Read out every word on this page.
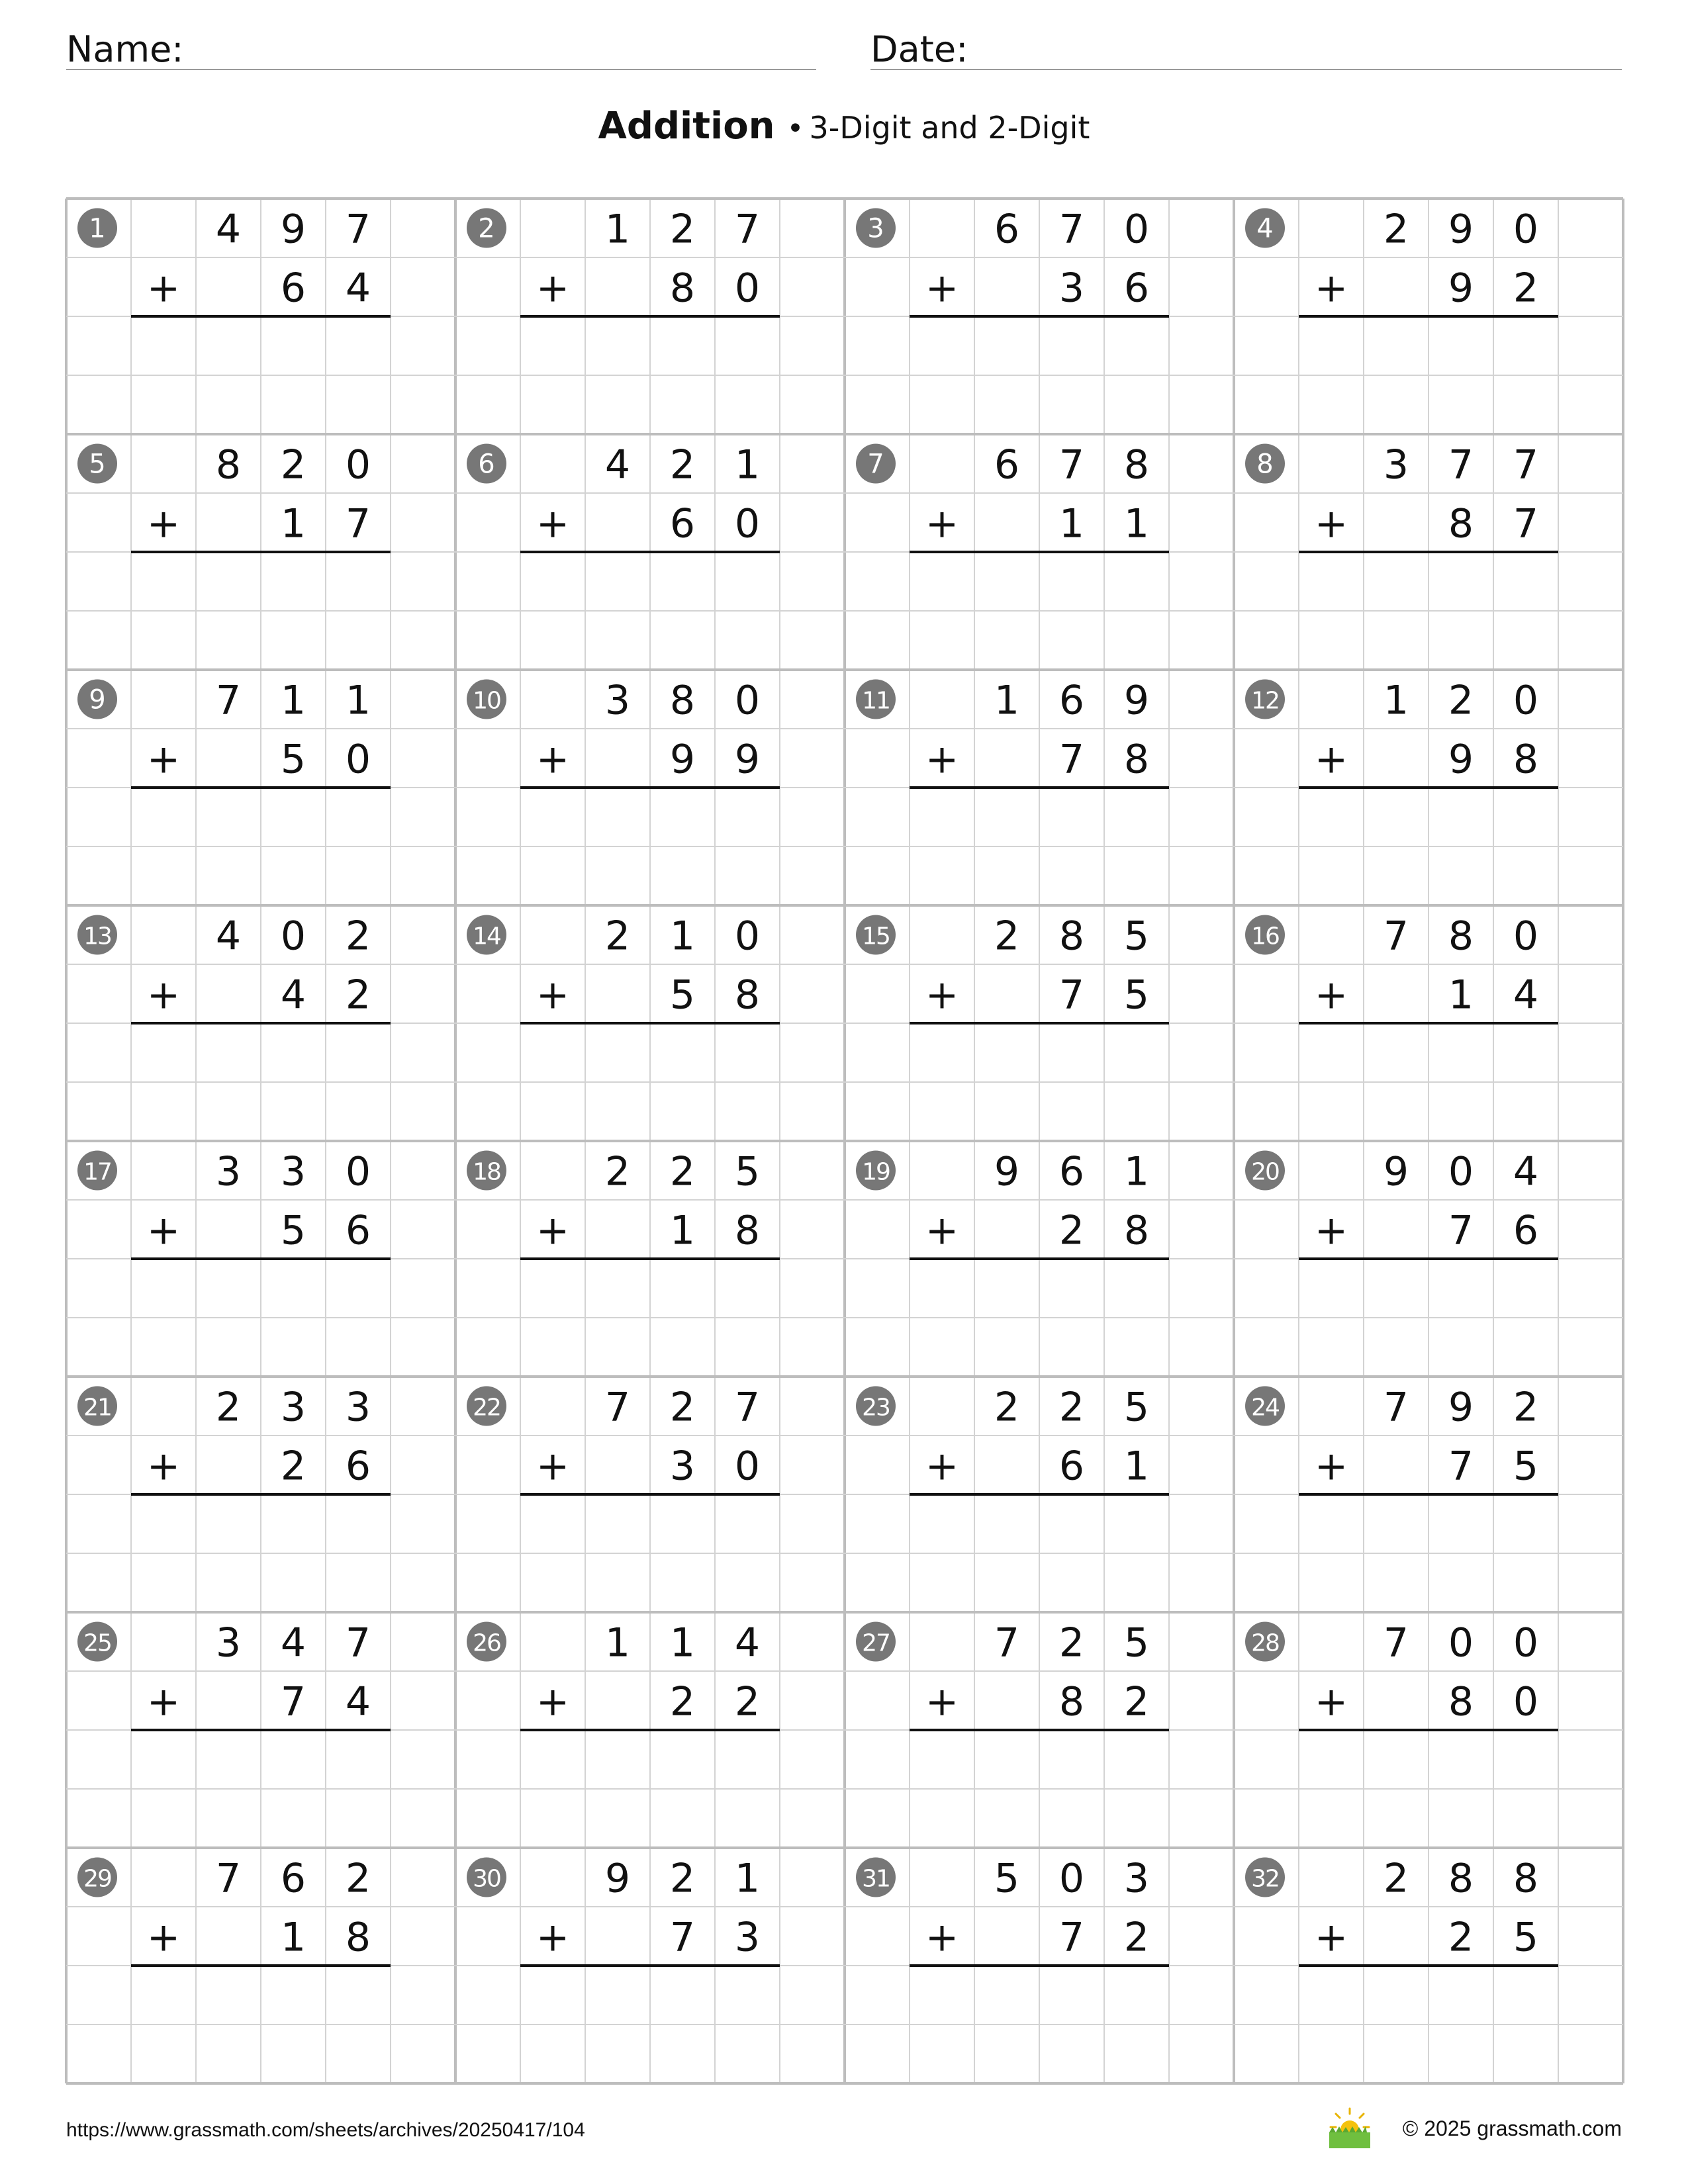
Name:	Date:
Addition • 3-Digit and 2-Digit
1	4 9 7
+	6 4
2	1 2 7
+	8 0
3	6 7 0
+	3 6
4	2 9 0
+	9 2
5	8 2 0
+	1 7
6	4 2 1
+	6 0
7	6 7 8
+	1 1
8	3 7 7
+	8 7
9	7 1 1
+	5 0
10	3 8 0
+	9 9
11	1 6 9
+	7 8
12	1 2 0
+	9 8
13	4 0 2
+	4 2
14	2 1 0
+	5 8
15	2 8 5
+	7 5
16	7 8 0
+	1 4
17	3 3 0
+	5 6
18	2 2 5
+	1 8
19	9 6 1
+	2 8
20	9 0 4
+	7 6
21	2 3 3
+	2 6
22	7 2 7
+	3 0
23	2 2 5
+	6 1
24	7 9 2
+	7 5
25	3 4 7
+	7 4
26	1 1 4
+	2 2
27	7 2 5
+	8 2
28	7 0 0
+	8 0
29	7 6 2
+	1 8
30	9 2 1
+	7 3
31	5 0 3
+	7 2
32	2 8 8
+	2 5
https://www.grassmath.com/sheets/archives/20250417/104	© 2025 grassmath.com
